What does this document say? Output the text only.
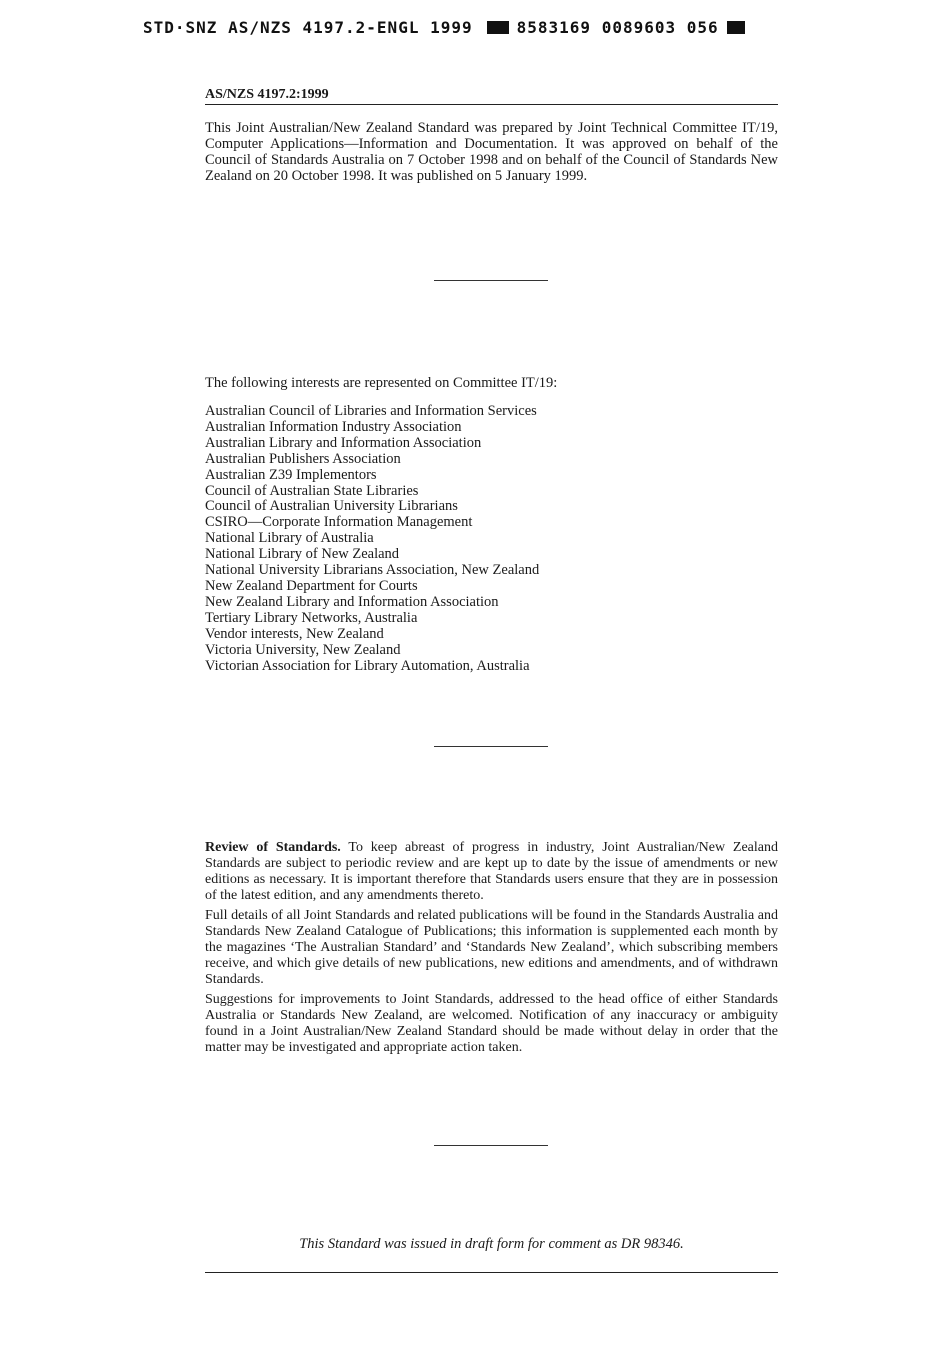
STD·SNZ AS/NZS 4197.2-ENGL 1999	8583169 0089603 056
AS/NZS 4197.2:1999

This Joint Australian/New Zealand Standard was prepared by Joint Technical Committee IT/19, Computer Applications—Information and Documentation. It was approved on behalf of the Council of Standards Australia on 7 October 1998 and on behalf of the Council of Standards New Zealand on 20 October 1998. It was published on 5 January 1999.

The following interests are represented on Committee IT/19:
Australian Council of Libraries and Information Services
Australian Information Industry Association
Australian Library and Information Association
Australian Publishers Association
Australian Z39 Implementors
Council of Australian State Libraries
Council of Australian University Librarians
CSIRO—Corporate Information Management
National Library of Australia
National Library of New Zealand
National University Librarians Association, New Zealand
New Zealand Department for Courts
New Zealand Library and Information Association
Tertiary Library Networks, Australia
Vendor interests, New Zealand
Victoria University, New Zealand
Victorian Association for Library Automation, Australia

Review of Standards. To keep abreast of progress in industry, Joint Australian/New Zealand Standards are subject to periodic review and are kept up to date by the issue of amendments or new editions as necessary. It is important therefore that Standards users ensure that they are in possession of the latest edition, and any amendments thereto.

Full details of all Joint Standards and related publications will be found in the Standards Australia and Standards New Zealand Catalogue of Publications; this information is supplemented each month by the magazines ‘The Australian Standard’ and ‘Standards New Zealand’, which subscribing members receive, and which give details of new publications, new editions and amendments, and of withdrawn Standards.

Suggestions for improvements to Joint Standards, addressed to the head office of either Standards Australia or Standards New Zealand, are welcomed. Notification of any inaccuracy or ambiguity found in a Joint Australian/New Zealand Standard should be made without delay in order that the matter may be investigated and appropriate action taken.

This Standard was issued in draft form for comment as DR 98346.
